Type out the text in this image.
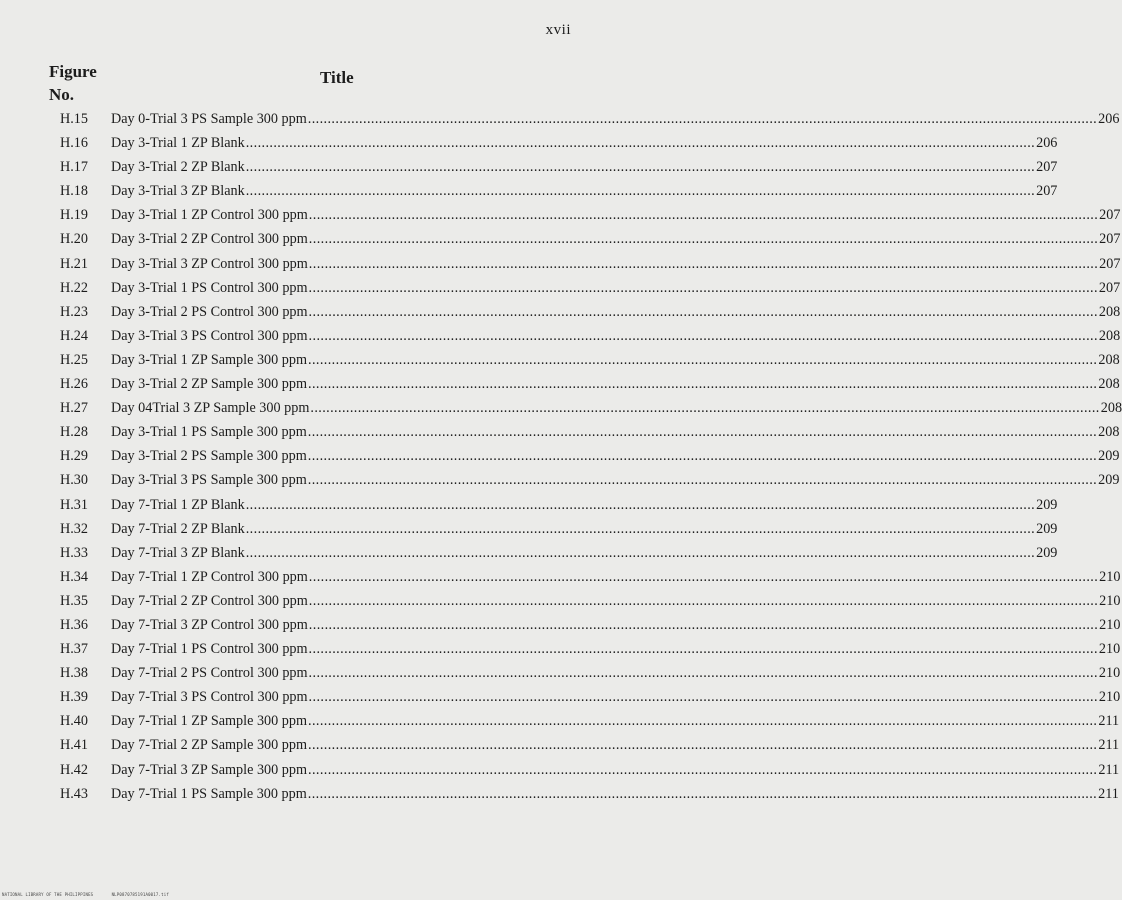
xvii
Figure No.
Title
H.15 Day 0-Trial 3 PS Sample 300 ppm ........................................................................................................................................................................................................ 206
H.16 Day 3-Trial 1 ZP Blank ........................................................................................................................................................................................................ 206
H.17 Day 3-Trial 2 ZP Blank ........................................................................................................................................................................................................ 207
H.18 Day 3-Trial 3 ZP Blank ........................................................................................................................................................................................................ 207
H.19 Day 3-Trial 1 ZP Control 300 ppm ........................................................................................................................................................................................................ 207
H.20 Day 3-Trial 2 ZP Control 300 ppm ........................................................................................................................................................................................................ 207
H.21 Day 3-Trial 3 ZP Control 300 ppm ........................................................................................................................................................................................................ 207
H.22 Day 3-Trial 1 PS Control 300 ppm ........................................................................................................................................................................................................ 207
H.23 Day 3-Trial 2 PS Control 300 ppm ........................................................................................................................................................................................................ 208
H.24 Day 3-Trial 3 PS Control 300 ppm ........................................................................................................................................................................................................ 208
H.25 Day 3-Trial 1 ZP Sample 300 ppm ........................................................................................................................................................................................................ 208
H.26 Day 3-Trial 2 ZP Sample 300 ppm ........................................................................................................................................................................................................ 208
H.27 Day 04Trial 3 ZP Sample 300 ppm ........................................................................................................................................................................................................ 208
H.28 Day 3-Trial 1 PS Sample 300 ppm ........................................................................................................................................................................................................ 208
H.29 Day 3-Trial 2 PS Sample 300 ppm ........................................................................................................................................................................................................ 209
H.30 Day 3-Trial 3 PS Sample 300 ppm ........................................................................................................................................................................................................ 209
H.31 Day 7-Trial 1 ZP Blank ........................................................................................................................................................................................................ 209
H.32 Day 7-Trial 2 ZP Blank ........................................................................................................................................................................................................ 209
H.33 Day 7-Trial 3 ZP Blank ........................................................................................................................................................................................................ 209
H.34 Day 7-Trial 1 ZP Control 300 ppm ........................................................................................................................................................................................................ 210
H.35 Day 7-Trial 2 ZP Control 300 ppm ........................................................................................................................................................................................................ 210
H.36 Day 7-Trial 3 ZP Control 300 ppm ........................................................................................................................................................................................................ 210
H.37 Day 7-Trial 1 PS Control 300 ppm ........................................................................................................................................................................................................ 210
H.38 Day 7-Trial 2 PS Control 300 ppm ........................................................................................................................................................................................................ 210
H.39 Day 7-Trial 3 PS Control 300 ppm ........................................................................................................................................................................................................ 210
H.40 Day 7-Trial 1 ZP Sample 300 ppm ........................................................................................................................................................................................................ 211
H.41 Day 7-Trial 2 ZP Sample 300 ppm ........................................................................................................................................................................................................ 211
H.42 Day 7-Trial 3 ZP Sample 300 ppm ........................................................................................................................................................................................................ 211
H.43 Day 7-Trial 1 PS Sample 300 ppm ........................................................................................................................................................................................................ 211
NATIONAL LIBRARY OF THE PHILIPPINES	NLP0870785191A0017.tif
